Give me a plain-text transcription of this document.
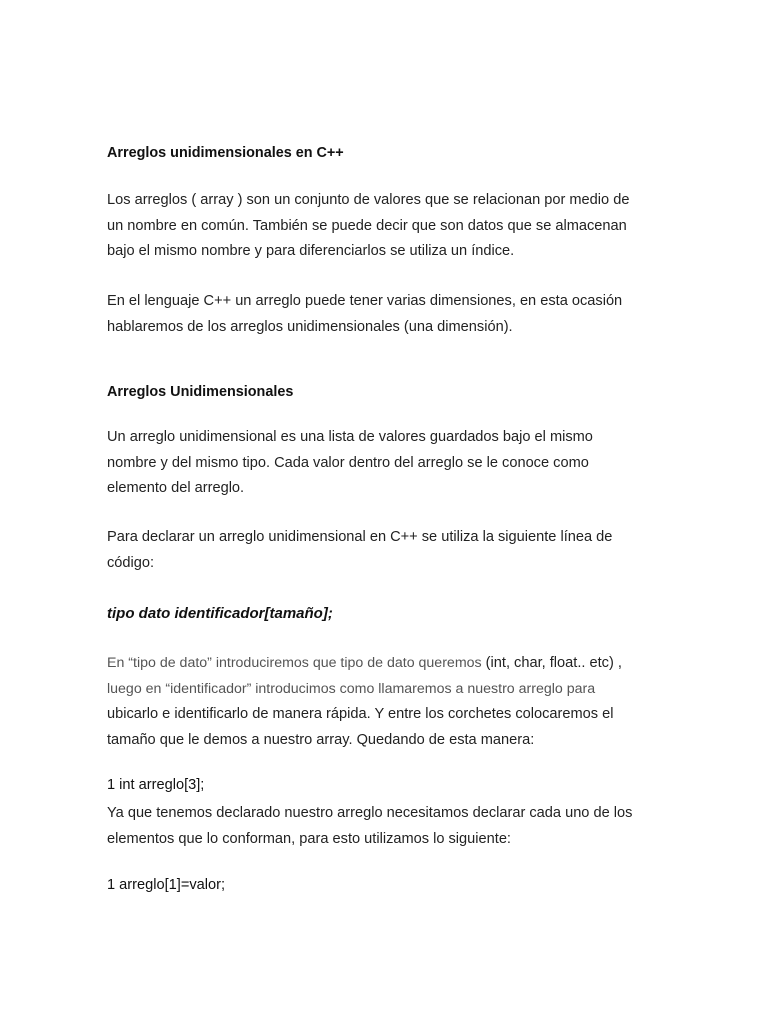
Arreglos unidimensionales en C++

Los arreglos ( array ) son un conjunto de valores que se relacionan por medio de
un nombre en común. También se puede decir que son datos que se almacenan
bajo el mismo nombre y para diferenciarlos se utiliza un índice.

En el lenguaje C++ un arreglo puede tener varias dimensiones, en esta ocasión
hablaremos de los arreglos unidimensionales (una dimensión).

Arreglos Unidimensionales

Un arreglo unidimensional es una lista de valores guardados bajo el mismo
nombre y del mismo tipo. Cada valor dentro del arreglo se le conoce como
elemento del arreglo.

Para declarar un arreglo unidimensional en C++ se utiliza la siguiente línea de
código:

tipo dato identificador[tamaño];

En “tipo de dato” introduciremos que tipo de dato queremos (int, char, float.. etc) ,
luego en “identificador” introducimos como llamaremos a nuestro arreglo para
ubicarlo e identificarlo de manera rápida. Y entre los corchetes colocaremos el
tamaño que le demos a nuestro array. Quedando de esta manera:

1 int arreglo[3];

Ya que tenemos declarado nuestro arreglo necesitamos declarar cada uno de los
elementos que lo conforman, para esto utilizamos lo siguiente:

1 arreglo[1]=valor;
